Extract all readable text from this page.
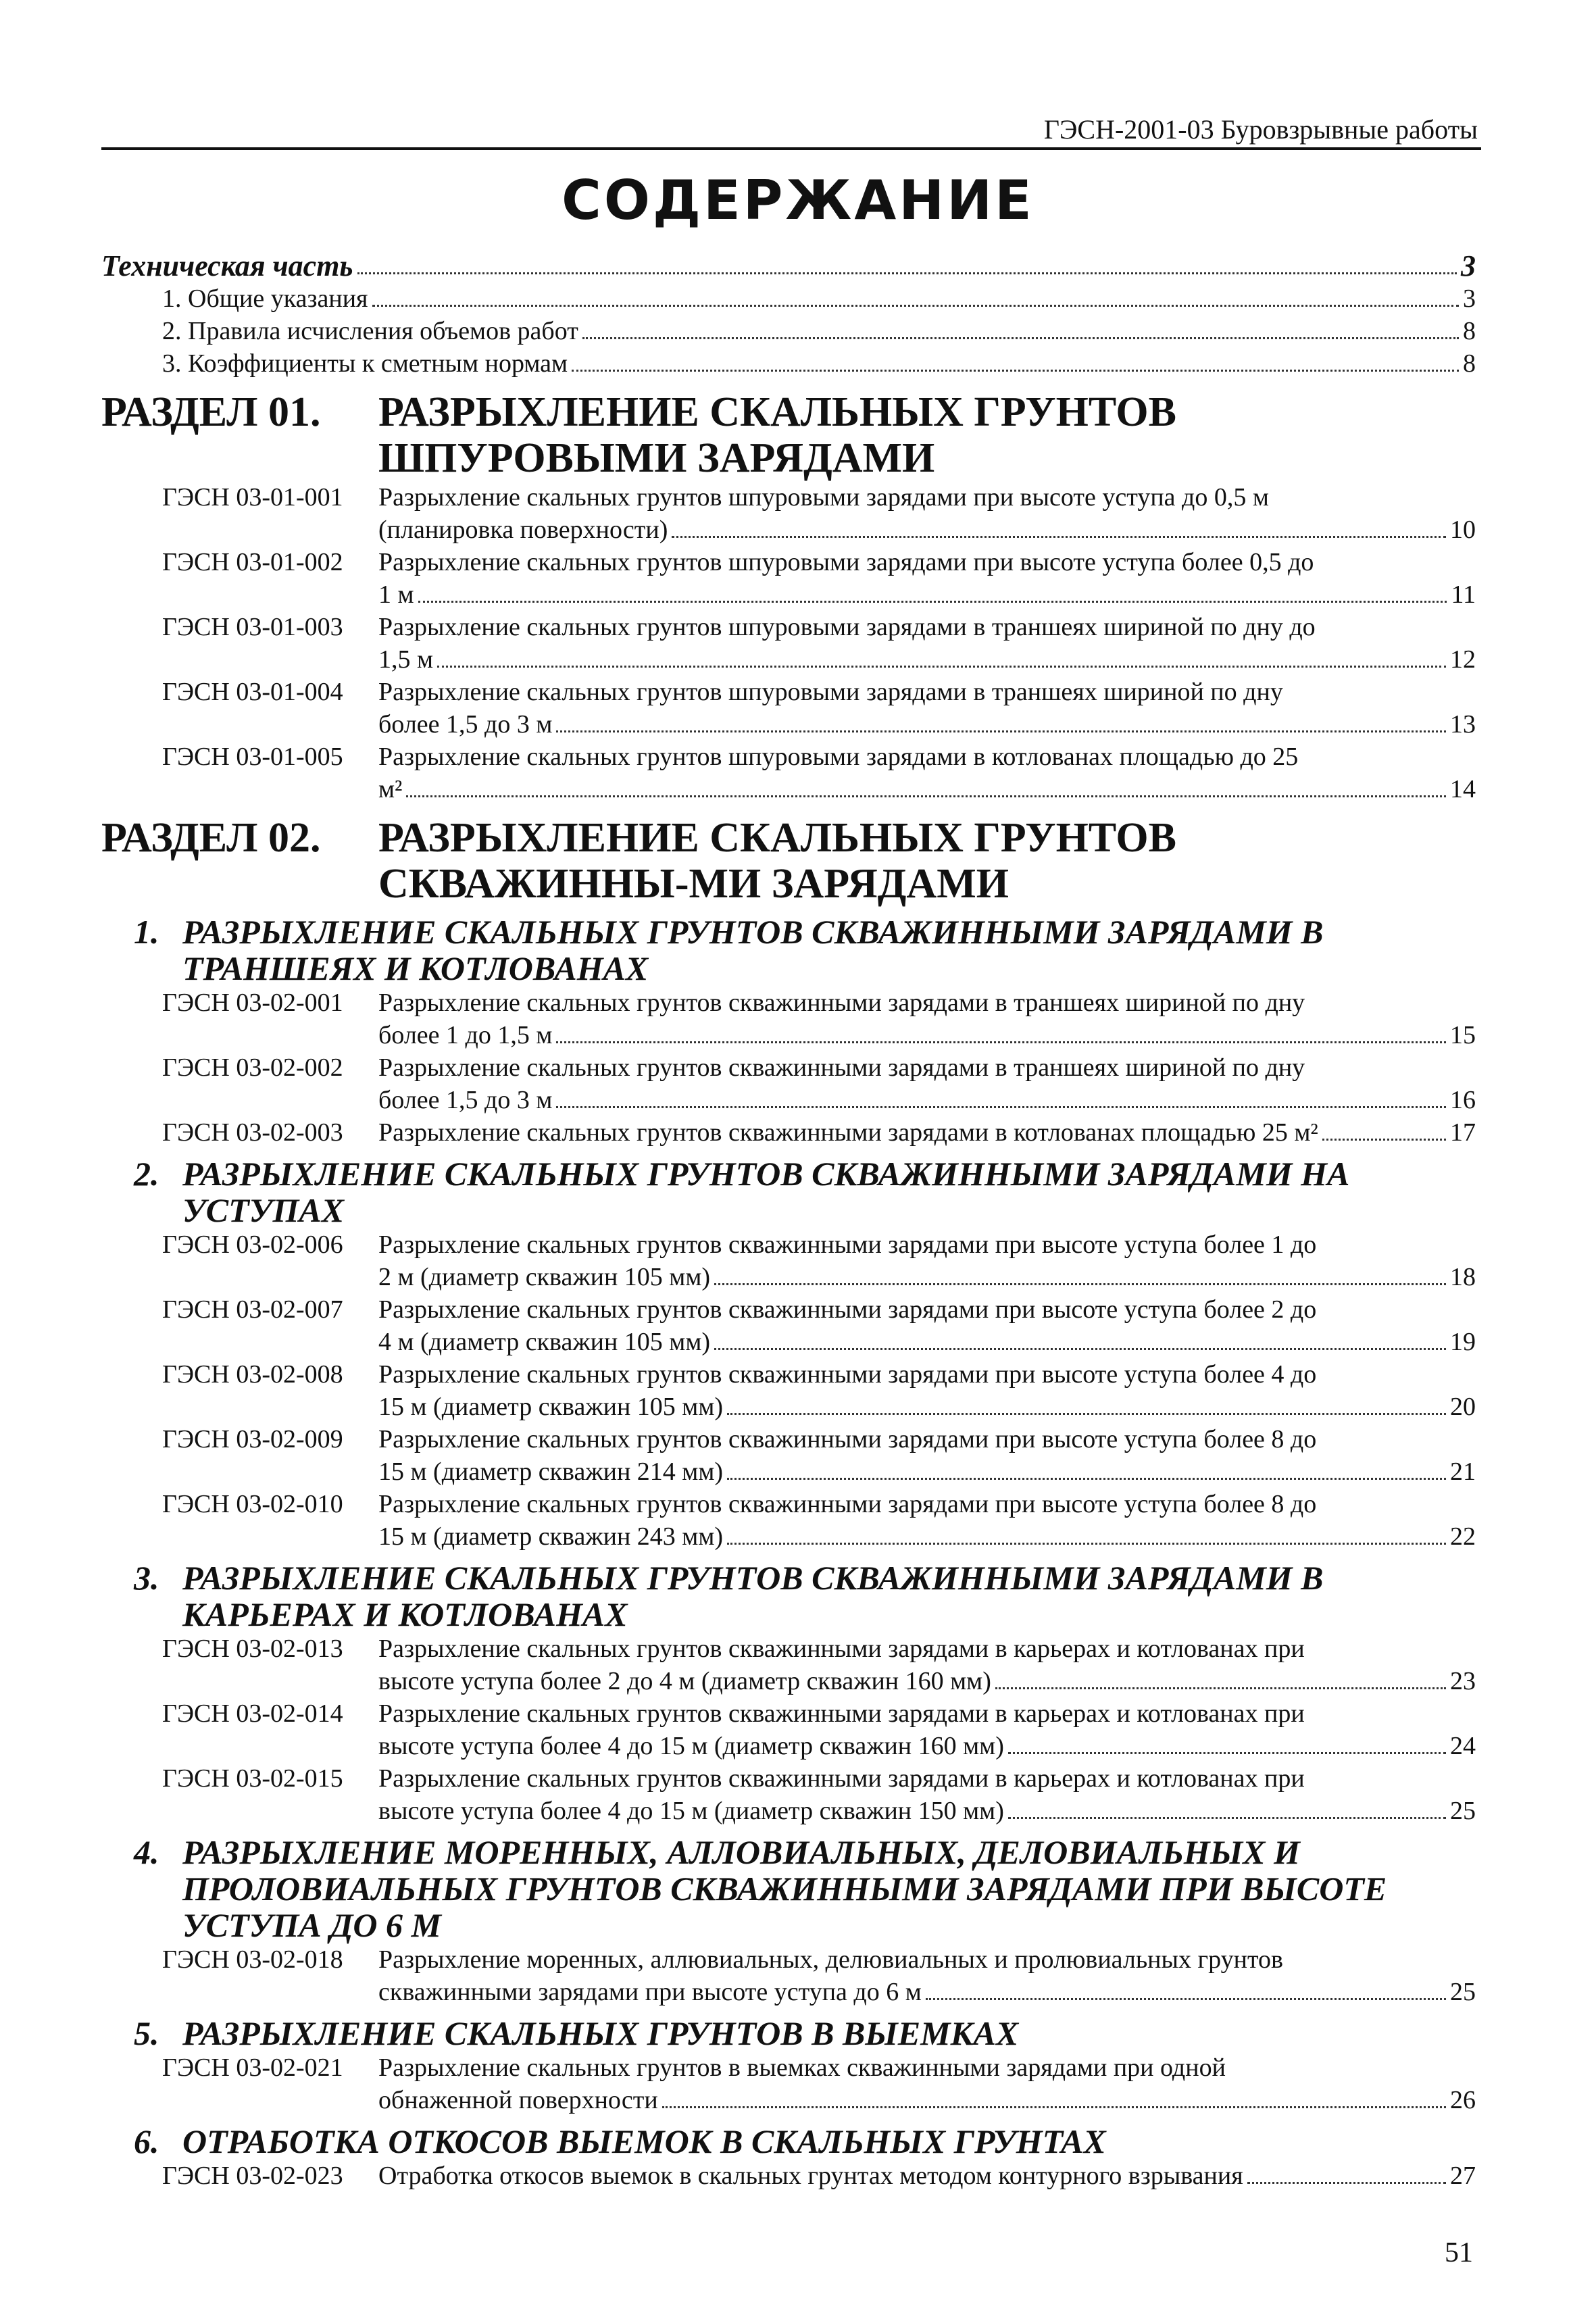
ГЭСН-2001-03 Буровзрывные работы
СОДЕРЖАНИЕ
Техническая часть	3
1. Общие указания	3
2. Правила исчисления объемов работ	8
3. Коэффициенты к сметным нормам	8
РАЗДЕЛ 01.	РАЗРЫХЛЕНИЕ СКАЛЬНЫХ ГРУНТОВ ШПУРОВЫМИ ЗАРЯДАМИ
ГЭСН 03-01-001	Разрыхление скальных грунтов шпуровыми зарядами при высоте уступа до 0,5 м
(планировка поверхности)	10
ГЭСН 03-01-002	Разрыхление скальных грунтов шпуровыми зарядами при высоте уступа более 0,5 до
1 м	11
ГЭСН 03-01-003	Разрыхление скальных грунтов шпуровыми зарядами в траншеях шириной по дну до
1,5 м	12
ГЭСН 03-01-004	Разрыхление скальных грунтов шпуровыми зарядами в траншеях шириной по дну
более 1,5 до 3 м	13
ГЭСН 03-01-005	Разрыхление скальных грунтов шпуровыми зарядами в котлованах площадью до 25
м²	14
РАЗДЕЛ 02.	РАЗРЫХЛЕНИЕ СКАЛЬНЫХ ГРУНТОВ СКВАЖИННЫ-МИ ЗАРЯДАМИ
1. РАЗРЫХЛЕНИЕ СКАЛЬНЫХ ГРУНТОВ СКВАЖИННЫМИ ЗАРЯДАМИ В ТРАНШЕЯХ И КОТЛОВАНАХ
ГЭСН 03-02-001	Разрыхление скальных грунтов скважинными зарядами в траншеях шириной по дну
более 1 до 1,5 м	15
ГЭСН 03-02-002	Разрыхление скальных грунтов скважинными зарядами в траншеях шириной по дну
более 1,5 до 3 м	16
ГЭСН 03-02-003	Разрыхление скальных грунтов скважинными зарядами в котлованах площадью 25 м²	17
2. РАЗРЫХЛЕНИЕ СКАЛЬНЫХ ГРУНТОВ СКВАЖИННЫМИ ЗАРЯДАМИ НА УСТУПАХ
ГЭСН 03-02-006	Разрыхление скальных грунтов скважинными зарядами при высоте уступа более 1 до
2 м (диаметр скважин 105 мм)	18
ГЭСН 03-02-007	Разрыхление скальных грунтов скважинными зарядами при высоте уступа более 2 до
4 м (диаметр скважин 105 мм)	19
ГЭСН 03-02-008	Разрыхление скальных грунтов скважинными зарядами при высоте уступа более 4 до
15 м (диаметр скважин 105 мм)	20
ГЭСН 03-02-009	Разрыхление скальных грунтов скважинными зарядами при высоте уступа более 8 до
15 м (диаметр скважин 214 мм)	21
ГЭСН 03-02-010	Разрыхление скальных грунтов скважинными зарядами при высоте уступа более 8 до
15 м (диаметр скважин 243 мм)	22
3. РАЗРЫХЛЕНИЕ СКАЛЬНЫХ ГРУНТОВ СКВАЖИННЫМИ ЗАРЯДАМИ В КАРЬЕРАХ И КОТЛОВАНАХ
ГЭСН 03-02-013	Разрыхление скальных грунтов скважинными зарядами в карьерах и котлованах при
высоте уступа более 2 до 4 м (диаметр скважин 160 мм)	23
ГЭСН 03-02-014	Разрыхление скальных грунтов скважинными зарядами в карьерах и котлованах при
высоте уступа более 4 до 15 м (диаметр скважин 160 мм)	24
ГЭСН 03-02-015	Разрыхление скальных грунтов скважинными зарядами в карьерах и котлованах при
высоте уступа более 4 до 15 м (диаметр скважин 150 мм)	25
4. РАЗРЫХЛЕНИЕ МОРЕННЫХ, АЛЛОВИАЛЬНЫХ, ДЕЛОВИАЛЬНЫХ И ПРОЛОВИАЛЬНЫХ ГРУНТОВ СКВАЖИННЫМИ ЗАРЯДАМИ ПРИ ВЫСОТЕ УСТУПА ДО 6 М
ГЭСН 03-02-018	Разрыхление моренных, аллювиальных, делювиальных и пролювиальных грунтов
скважинными зарядами при высоте уступа до 6 м	25
5. РАЗРЫХЛЕНИЕ СКАЛЬНЫХ ГРУНТОВ В ВЫЕМКАХ
ГЭСН 03-02-021	Разрыхление скальных грунтов в выемках скважинными зарядами при одной
обнаженной поверхности	26
6. ОТРАБОТКА ОТКОСОВ ВЫЕМОК В СКАЛЬНЫХ ГРУНТАХ
ГЭСН 03-02-023	Отработка откосов выемок в скальных грунтах методом контурного взрывания	27
51
